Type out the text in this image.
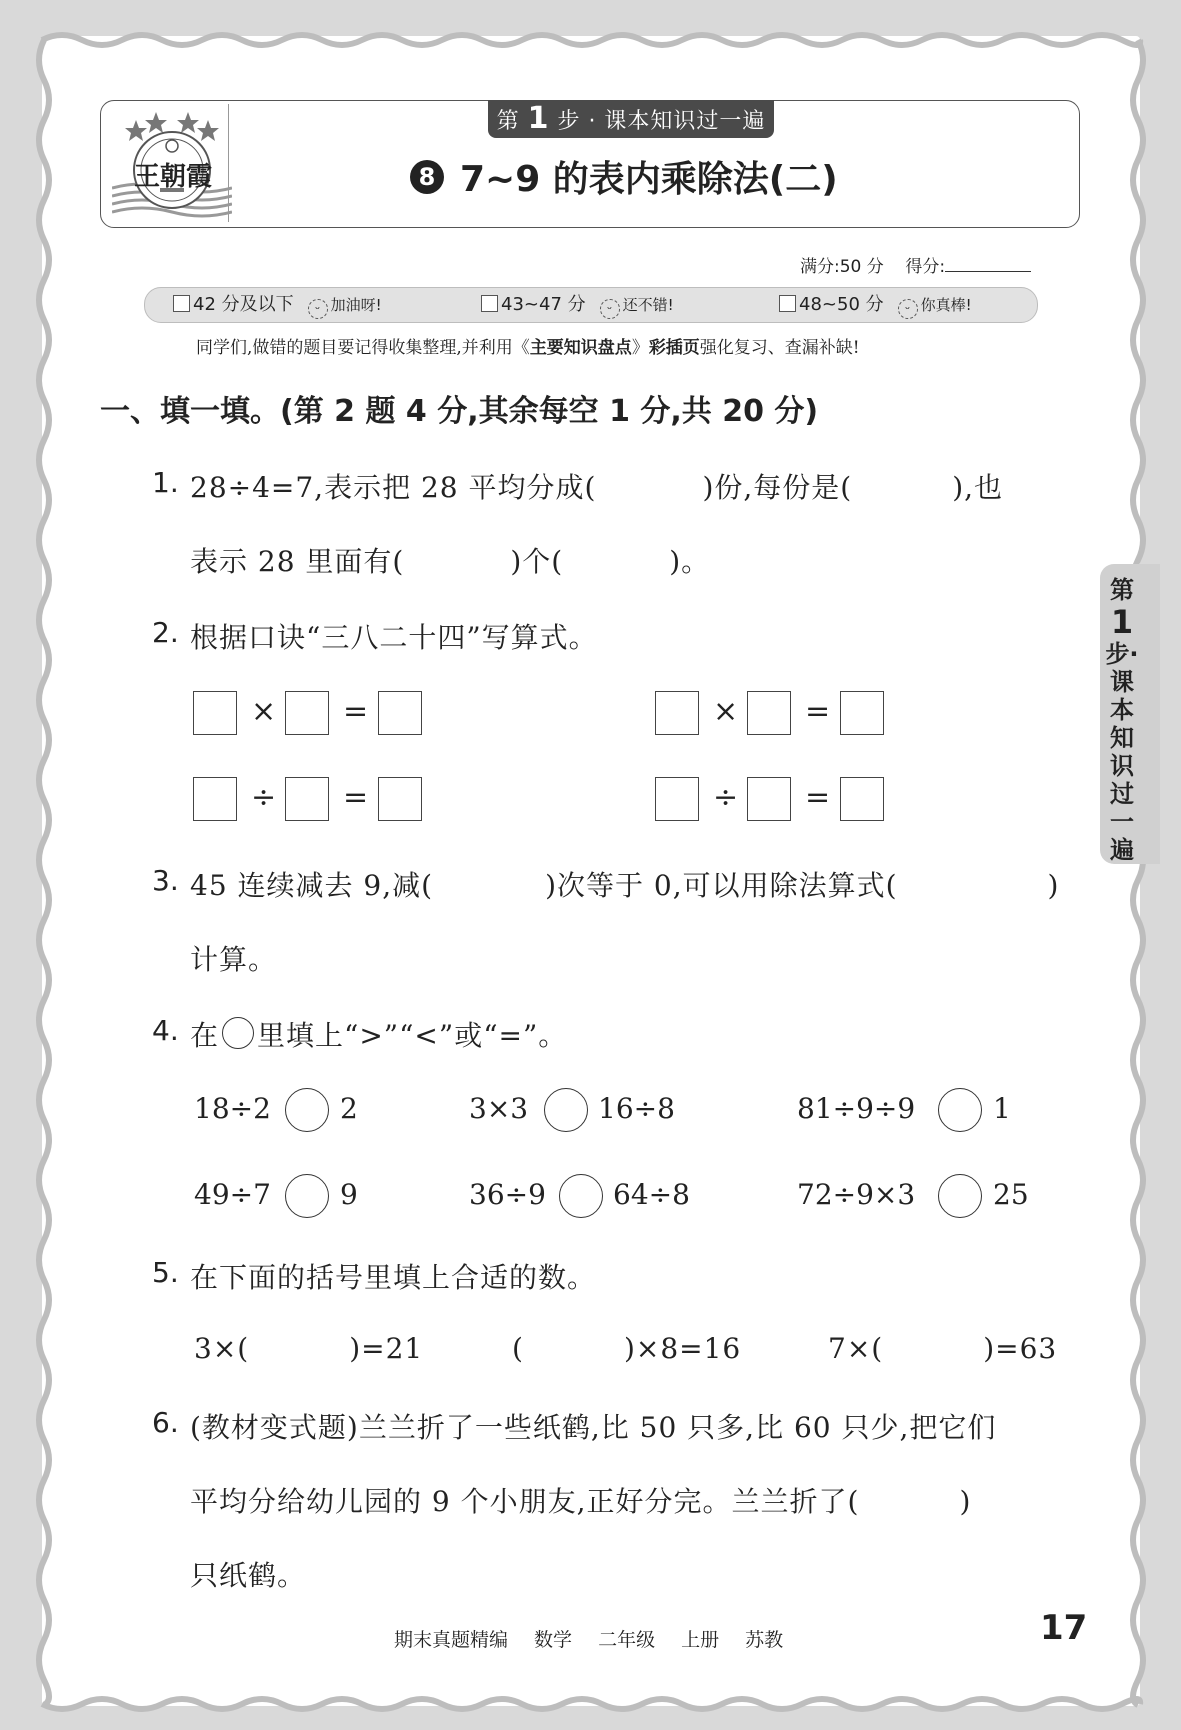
王朝霞
第 1 步 · 课本知识过一遍
8 7~9 的表内乘除法(二)
满分:50 分 得分:
42 分及以下 ᵕ 加油呀!	43~47 分 ᵕ 还不错!	48~50 分 ᵕ 你真棒!
同学们,做错的题目要记得收集整理,并利用《主要知识盘点》彩插页强化复习、查漏补缺!
一、填一填。(第 2 题 4 分,其余每空 1 分,共 20 分)
1. 28÷4=7,表示把 28 平均分成(	)份,每份是(	),也
表示 28 里面有(	)个(	)。
2. 根据口诀“三八二十四”写算式。
× =	× =
÷ =	÷ =
3. 45 连续减去 9,减(	)次等于 0,可以用除法算式(	)
计算。
4. 在 里填上“>”“<”或“=”。
18÷2 2	3×3 16÷8	81÷9÷9	1
49÷7 9	36÷9 64÷8	72÷9×3	25
5. 在下面的括号里填上合适的数。
3×(	)=21	(	)×8=16	7×(	)=63
6. (教材变式题)兰兰折了一些纸鹤,比 50 只多,比 60 只少,把它们
平均分给幼儿园的 9 个小朋友,正好分完。兰兰折了(	)
只纸鹤。
第
1
步·课本知识过一遍
期末真题精编 数学 二年级 上册 苏教	17
